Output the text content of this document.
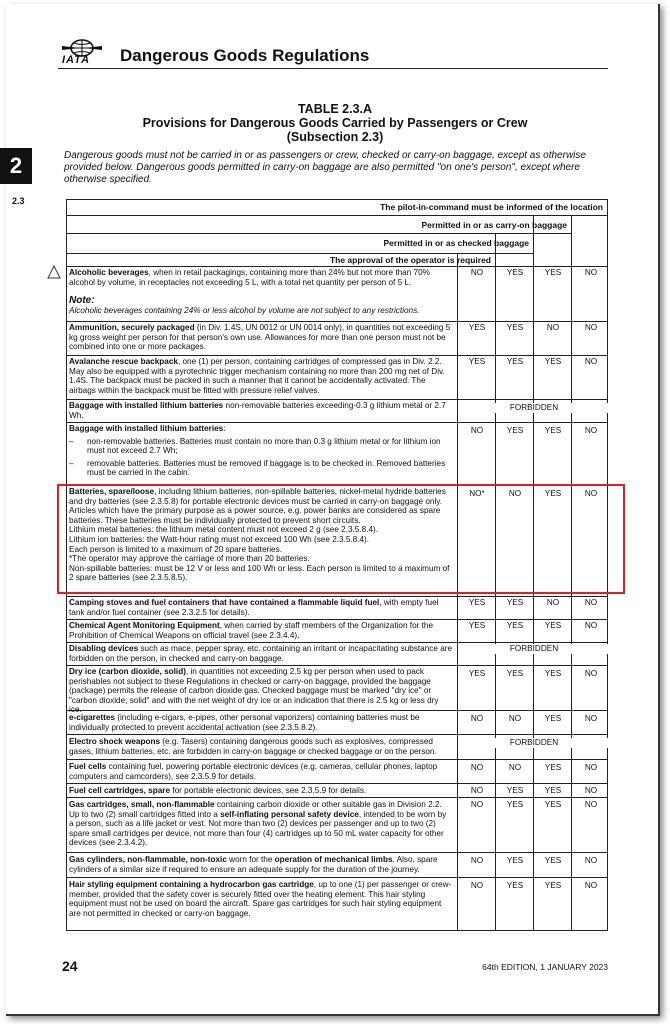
IATA Dangerous Goods Regulations
TABLE 2.3.A
Provisions for Dangerous Goods Carried by Passengers or Crew
(Subsection 2.3)
2
2.3
Dangerous goods must not be carried in or as passengers or crew, checked or carry-on baggage, except as otherwise provided below. Dangerous goods permitted in carry-on baggage are also permitted "on one's person", except where otherwise specified.
The pilot-in-command must be informed of the location
Permitted in or as carry-on baggage
Permitted in or as checked baggage
The approval of the operator is required
Alcoholic beverages, when in retail packagings, containing more than 24% but not more than 70% alcohol by volume, in receptacles not exceeding 5 L, with a total net quantity per person of 5 L.
NO	YES	YES	NO
Note:
Alcoholic beverages containing 24% or less alcohol by volume are not subject to any restrictions.
Ammunition, securely packaged (in Div. 1.4S, UN 0012 or UN 0014 only), in quantities not exceeding 5 kg gross weight per person for that person's own use. Allowances for more than one person must not be combined into one or more packages.
YES	YES	NO	NO
Avalanche rescue backpack, one (1) per person, containing cartridges of compressed gas in Div. 2.2. May also be equipped with a pyrotechnic trigger mechanism containing no more than 200 mg net of Div. 1.4S. The backpack must be packed in such a manner that it cannot be accidentally activated. The airbags within the backpack must be fitted with pressure relief valves.
YES	YES	YES	NO
Baggage with installed lithium batteries non-removable batteries exceeding-0.3 g lithium metal or 2.7 Wh.
FORBIDDEN
Baggage with installed lithium batteries:
– non-removable batteries. Batteries must contain no more than 0.3 g lithium metal or for lithium ion must not exceed 2.7 Wh;
– removable batteries. Batteries must be removed if baggage is to be checked in. Removed batteries must be carried in the cabin.
NO	YES	YES	NO
Batteries, spare/loose, including lithium batteries, non-spillable batteries, nickel-metal hydride batteries and dry batteries (see 2.3.5.8) for portable electronic devices must be carried in carry-on baggage only. Articles which have the primary purpose as a power source, e.g. power banks are considered as spare batteries. These batteries must be individually protected to prevent short circuits.
Lithium metal batteries: the lithium metal content must not exceed 2 g (see 2.3.5.8.4).
Lithium ion batteries: the Watt-hour rating must not exceed 100 Wh (see 2.3.5.8.4).
Each person is limited to a maximum of 20 spare batteries.
*The operator may approve the carriage of more than 20 batteries.
Non-spillable batteries: must be 12 V or less and 100 Wh or less. Each person is limited to a maximum of 2 spare batteries (see 2.3.5.8.5).
NO*	NO	YES	NO
Camping stoves and fuel containers that have contained a flammable liquid fuel, with empty fuel tank and/or fuel container (see 2.3.2.5 for details).
YES	YES	NO	NO
Chemical Agent Monitoring Equipment, when carried by staff members of the Organization for the Prohibition of Chemical Weapons on official travel (see 2.3.4.4).
YES	YES	YES	NO
Disabling devices such as mace, pepper spray, etc. containing an irritant or incapacitating substance are forbidden on the person, in checked and carry-on baggage.
FORBIDDEN
Dry ice (carbon dioxide, solid), in quantities not exceeding 2.5 kg per person when used to pack perishables not subject to these Regulations in checked or carry-on baggage, provided the baggage (package) permits the release of carbon dioxide gas. Checked baggage must be marked "dry ice" or "carbon dioxide, solid" and with the net weight of dry ice or an indication that there is 2.5 kg or less dry ice.
YES	YES	YES	NO
e-cigarettes (including e-cigars, e-pipes, other personal vaporizers) containing batteries must be individually protected to prevent accidental activation (see 2.3.5.8.2).
NO	NO	YES	NO
Electro shock weapons (e.g. Tasers) containing dangerous goods such as explosives, compressed gases, lithium batteries, etc. are forbidden in carry-on baggage or checked baggage or on the person.
FORBIDDEN
Fuel cells containing fuel, powering portable electronic devices (e.g. cameras, cellular phones, laptop computers and camcorders), see 2.3.5.9 for details.
NO	NO	YES	NO
Fuel cell cartridges, spare for portable electronic devices, see 2.3.5.9 for details.	NO	YES	YES	NO
Gas cartridges, small, non-flammable containing carbon dioxide or other suitable gas in Division 2.2. Up to two (2) small cartridges fitted into a self-inflating personal safety device, intended to be worn by a person, such as a life jacket or vest. Not more than two (2) devices per passenger and up to two (2) spare small cartridges per device, not more than four (4) cartridges up to 50 mL water capacity for other devices (see 2.3.4.2).
NO	YES	YES	NO
Gas cylinders, non-flammable, non-toxic worn for the operation of mechanical limbs. Also, spare cylinders of a similar size if required to ensure an adequate supply for the duration of the journey.
NO	YES	YES	NO
Hair styling equipment containing a hydrocarbon gas cartridge, up to one (1) per passenger or crew-member, provided that the safety cover is securely fitted over the heating element. This hair styling equipment must not be used on board the aircraft. Spare gas cartridges for such hair styling equipment are not permitted in checked or carry-on baggage.
NO	YES	YES	NO
24	64th EDITION, 1 JANUARY 2023
